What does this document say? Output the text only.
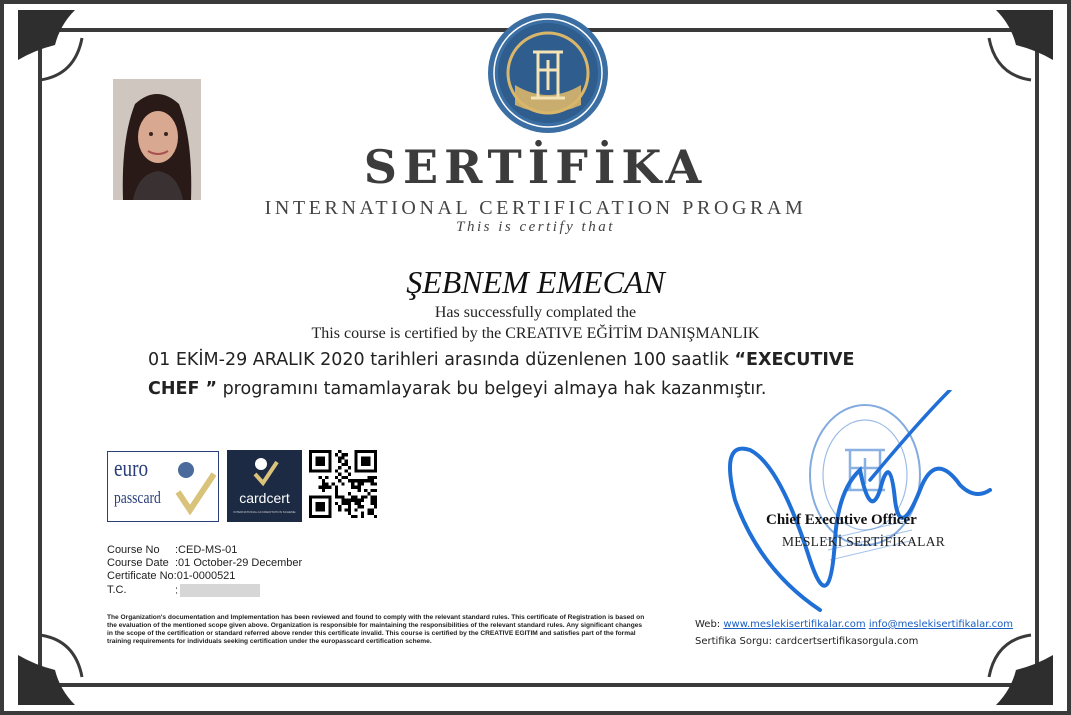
SERTİFİKA
INTERNATIONAL CERTIFICATION PROGRAM
This is certify that
ŞEBNEM EMECAN
Has successfully complated the
This course is certified by the CREATIVE EĞİTİM DANIŞMANLIK
01 EKİM-29 ARALIK 2020 tarihleri arasında düzenlenen 100 saatlik “EXECUTIVE CHEF ” programını tamamlayarak bu belgeyi almaya hak kazanmıştır.
euro
passcard	cardcert
INTERNATIONAL ACCREDITATION SCHEME
Course No :CED-MS-01
Course Date :01 October-29 December
Certificate No:01-0000521
T.C.	:
The Organization's documentation and Implementation has been reviewed and found to comply with the relevant standard rules. This certificate of Registration is based on the evaluation of the mentioned scope given above. Organization is responsible for maintaining the responsibilities of the relevant standard rules. Any significant changes in the scope of the certification or standard referred above render this certificate invalid. This course is certified by the CREATIVE EGITIM and satisfies part of the formal training requirements for individuals seeking certification under the europasscard certification scheme.
Chief Executive Officer
MESLEKİ SERTİFİKALAR
Web: www.meslekisertifikalar.com info@meslekisertifikalar.com
Sertifika Sorgu: cardcertsertifikasorgula.com
